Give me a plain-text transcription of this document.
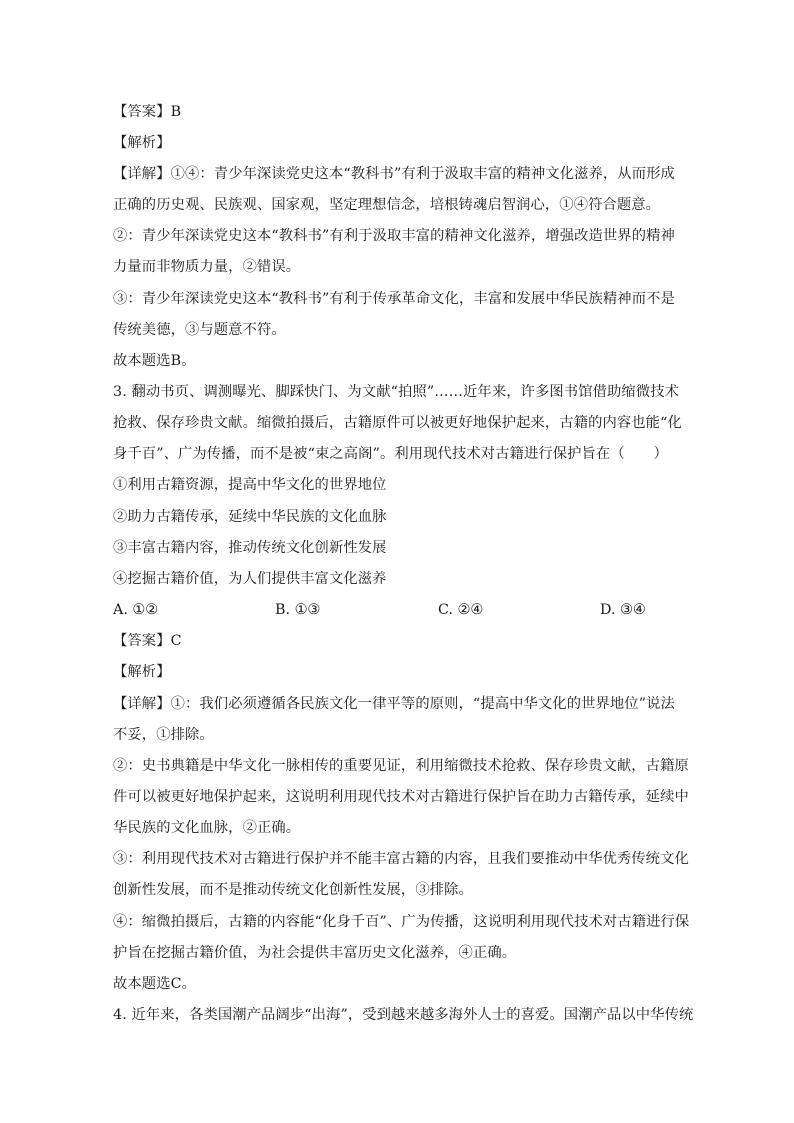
【答案】B
【解析】
【详解】①④：青少年深读党史这本“教科书”有利于汲取丰富的精神文化滋养，从而形成
正确的历史观、民族观、国家观，坚定理想信念，培根铸魂启智润心，①④符合题意。
②：青少年深读党史这本“教科书”有利于汲取丰富的精神文化滋养，增强改造世界的精神
力量而非物质力量，②错误。
③：青少年深读党史这本“教科书”有利于传承革命文化，丰富和发展中华民族精神而不是
传统美德，③与题意不符。
故本题选B。
3. 翻动书页、调测曝光、脚踩快门、为文献“拍照”……近年来，许多图书馆借助缩微技术
抢救、保存珍贵文献。缩微拍摄后，古籍原件可以被更好地保护起来，古籍的内容也能“化
身千百”、广为传播，而不是被“束之高阁”。利用现代技术对古籍进行保护旨在（　　）
①利用古籍资源，提高中华文化的世界地位
②助力古籍传承，延续中华民族的文化血脉
③丰富古籍内容，推动传统文化创新性发展
④挖掘古籍价值，为人们提供丰富文化滋养
A. ①②	B. ①③	C. ②④	D. ③④
【答案】C
【解析】
【详解】①：我们必须遵循各民族文化一律平等的原则，“提高中华文化的世界地位”说法
不妥，①排除。
②：史书典籍是中华文化一脉相传的重要见证，利用缩微技术抢救、保存珍贵文献，古籍原
件可以被更好地保护起来，这说明利用现代技术对古籍进行保护旨在助力古籍传承，延续中
华民族的文化血脉，②正确。
③：利用现代技术对古籍进行保护并不能丰富古籍的内容，且我们要推动中华优秀传统文化
创新性发展，而不是推动传统文化创新性发展，③排除。
④：缩微拍摄后，古籍的内容能“化身千百”、广为传播，这说明利用现代技术对古籍进行保
护旨在挖掘古籍价值，为社会提供丰富历史文化滋养，④正确。
故本题选C。
4. 近年来，各类国潮产品阔步“出海”，受到越来越多海外人士的喜爱。国潮产品以中华传统
